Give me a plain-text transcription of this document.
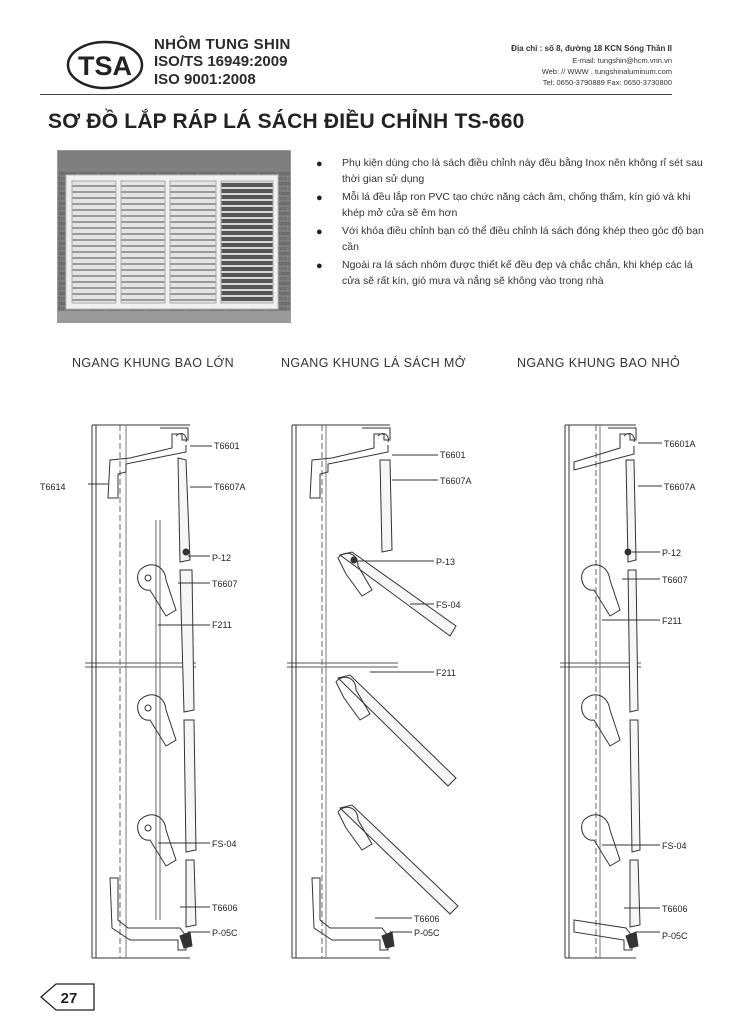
TSA
NHÔM TUNG SHIN
ISO/TS 16949:2009
ISO 9001:2008
Địa chỉ : số 8, đường 18 KCN Sóng Thần II
E-mail: tungshin@hcm.vnn.vn
Web: // WWW . tungshinaluminum.com
Tel: 0650-3790889 Fax: 0650-3730800
SƠ ĐỒ LẮP RÁP LÁ SÁCH ĐIỀU CHỈNH TS-660
● Phụ kiện dùng cho lá sách điều chỉnh này đều bằng Inox nên không rỉ sét sau thời gian sử dụng
● Mỗi lá đều lắp ron PVC tạo chức năng cách âm, chống thấm, kín gió và khi khép mở cửa sẽ êm hơn
● Với khóa điều chỉnh bạn có thể điều chỉnh lá sách đóng khép theo góc độ bạn cần
● Ngoài ra lá sách nhôm được thiết kế đều đẹp và chắc chắn, khi khép các lá cửa sẽ rất kín, gió mưa và nắng sẽ không vào trong nhà
NGANG KHUNG BAO LỚN	NGANG KHUNG LÁ SÁCH MỞ	NGANG KHUNG BAO NHỎ
T6601
T6614	T6607A
P-12
T6607
F211
FS-04
T6606
P-05C
T6601
T6607A
P-13
FS-04
F211
T6606
P-05C
T6601A
T6607A
P-12
T6607
F211
FS-04
T6606
P-05C
27
